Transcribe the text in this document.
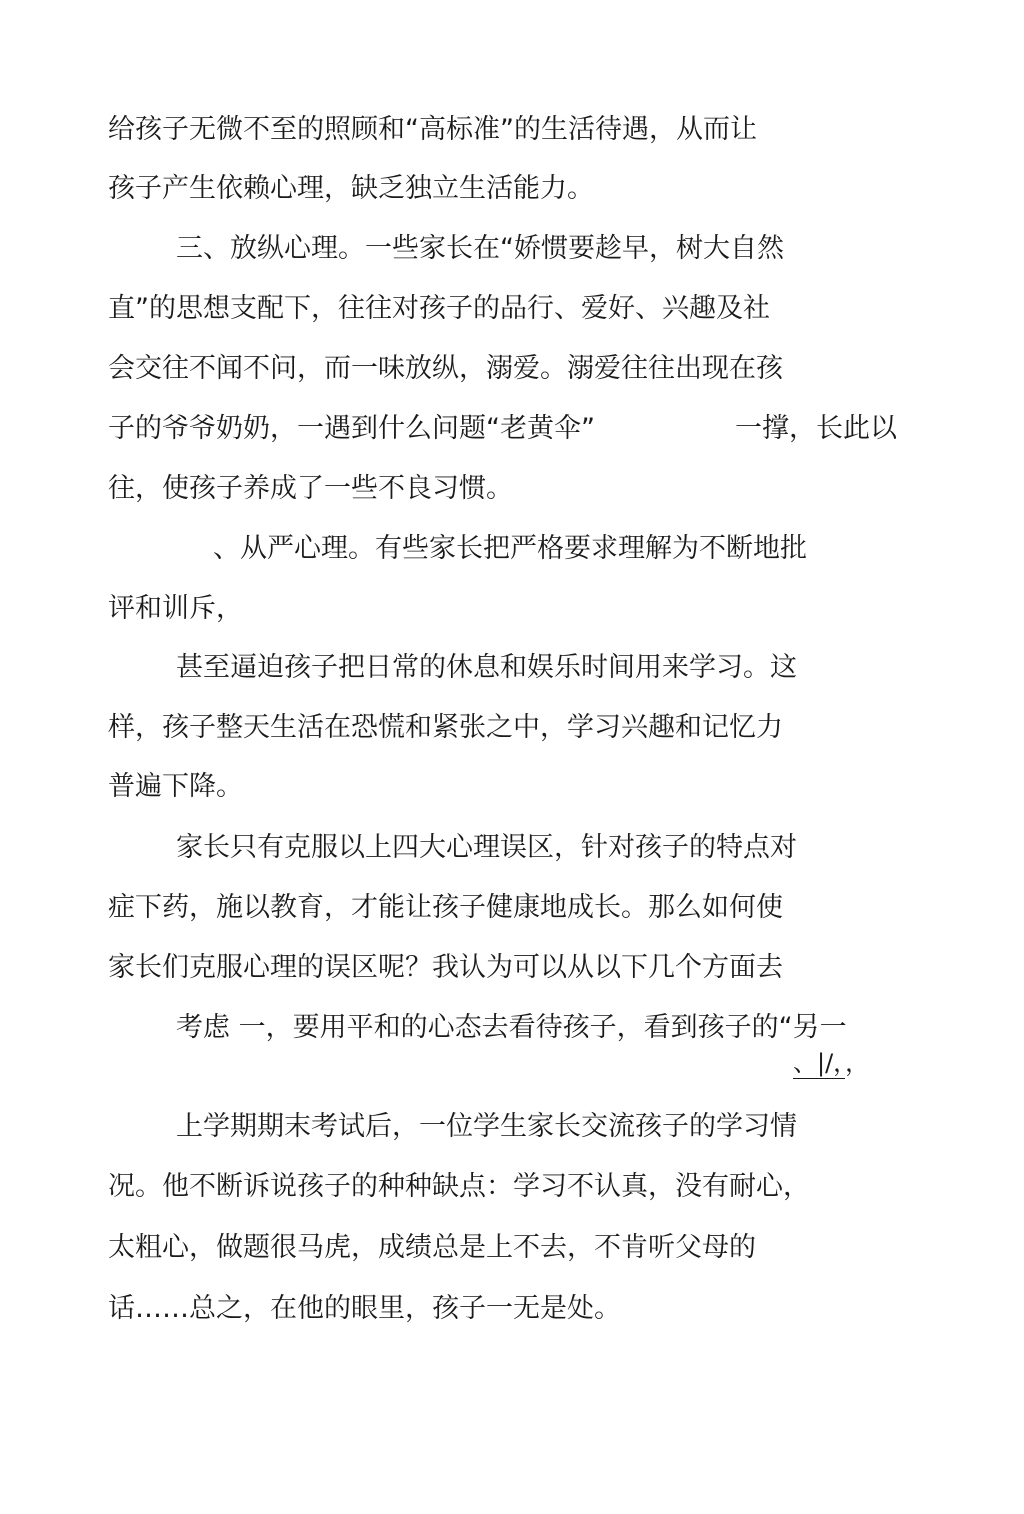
给孩子无微不至的照顾和“高标准”的生活待遇，从而让
孩子产生依赖心理，缺乏独立生活能力。
三、放纵心理。一些家长在“娇惯要趁早，树大自然
直”的思想支配下，往往对孩子的品行、爱好、兴趣及社
会交往不闻不问，而一味放纵，溺爱。溺爱往往出现在孩
子的爷爷奶奶，一遇到什么问题“老黄伞”	一撑，长此以
往，使孩子养成了一些不良习惯。
、从严心理。有些家长把严格要求理解为不断地批
评和训斥，
甚至逼迫孩子把日常的休息和娱乐时间用来学习。这
样，孩子整天生活在恐慌和紧张之中，学习兴趣和记忆力
普遍下降。
家长只有克服以上四大心理误区，针对孩子的特点对
症下药，施以教育，才能让孩子健康地成长。那么如何使
家长们克服心理的误区呢？我认为可以从以下几个方面去
考虑 一，要用平和的心态去看待孩子，看到孩子的“另一
、|/，，
上学期期末考试后，一位学生家长交流孩子的学习情
况。他不断诉说孩子的种种缺点：学习不认真，没有耐心，
太粗心，做题很马虎，成绩总是上不去，不肯听父母的
话……总之，在他的眼里，孩子一无是处。
